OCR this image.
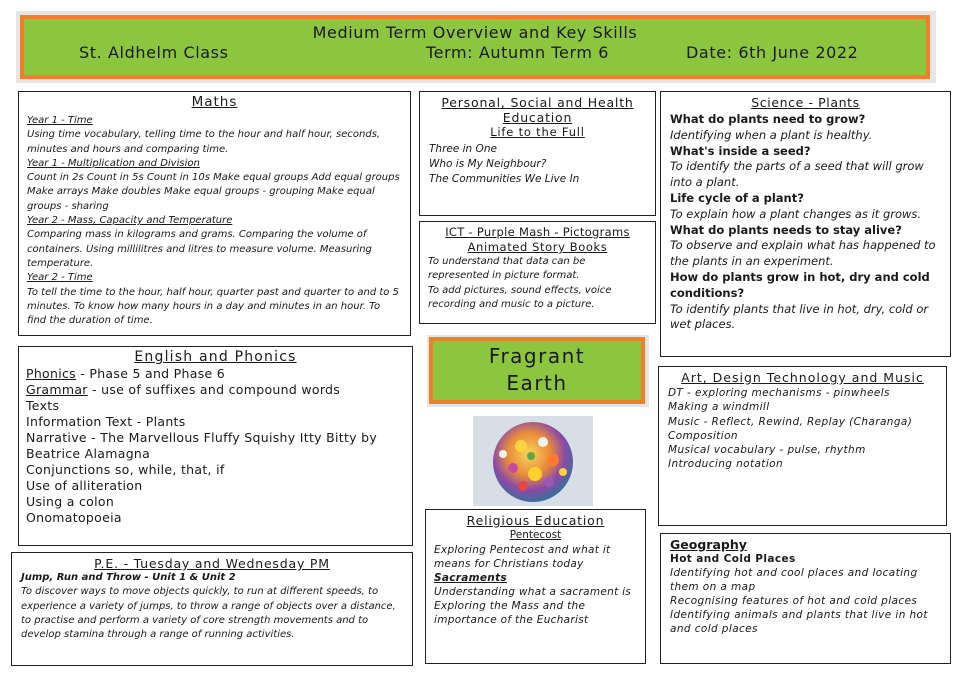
Medium Term Overview and Key Skills
St. Aldhelm Class	Term: Autumn Term 6	Date: 6th June 2022

Maths

Year 1 - Time

Using time vocabulary, telling time to the hour and half hour, seconds, minutes and hours and comparing time.

Year 1 - Multiplication and Division

Count in 2s Count in 5s Count in 10s Make equal groups Add equal groups Make arrays Make doubles Make equal groups - grouping Make equal groups - sharing

Year 2 - Mass, Capacity and Temperature

Comparing mass in kilograms and grams. Comparing the volume of containers. Using millilitres and litres to measure volume. Measuring temperature.

Year 2 - Time

To tell the time to the hour, half hour, quarter past and quarter to and to 5 minutes. To know how many hours in a day and minutes in an hour. To find the duration of time.

Personal, Social and Health Education

Life to the Full

Three in One

Who is My Neighbour?

The Communities We Live In

ICT - Purple Mash - Pictograms

Animated Story Books

To understand that data can be represented in picture format.

To add pictures, sound effects, voice recording and music to a picture.

Science - Plants

What do plants need to grow?

Identifying when a plant is healthy.

What's inside a seed?

To identify the parts of a seed that will grow into a plant.

Life cycle of a plant?

To explain how a plant changes as it grows.

What do plants needs to stay alive?

To observe and explain what has happened to the plants in an experiment.

How do plants grow in hot, dry and cold conditions?

To identify plants that live in hot, dry, cold or wet places.

English and Phonics

Phonics - Phase 5 and Phase 6

Grammar - use of suffixes and compound words

Texts

Information Text - Plants

Narrative - The Marvellous Fluffy Squishy Itty Bitty by Beatrice Alamagna

Conjunctions so, while, that, if

Use of alliteration

Using a colon

Onomatopoeia

Fragrant
Earth	Art, Design Technology and Music

DT - exploring mechanisms - pinwheels

Making a windmill

Music - Reflect, Rewind, Replay (Charanga)

Composition

Musical vocabulary - pulse, rhythm

Introducing notation

P.E. - Tuesday and Wednesday PM

Jump, Run and Throw - Unit 1 & Unit 2

To discover ways to move objects quickly, to run at different speeds, to experience a variety of jumps, to throw a range of objects over a distance, to practise and perform a variety of core strength movements and to develop stamina through a range of running activities.

Religious Education

Pentecost

Exploring Pentecost and what it means for Christians today

Sacraments

Understanding what a sacrament is

Exploring the Mass and the importance of the Eucharist

Geography

Hot and Cold Places

Identifying hot and cool places and locating them on a map

Recognising features of hot and cold places

Identifying animals and plants that live in hot and cold places
